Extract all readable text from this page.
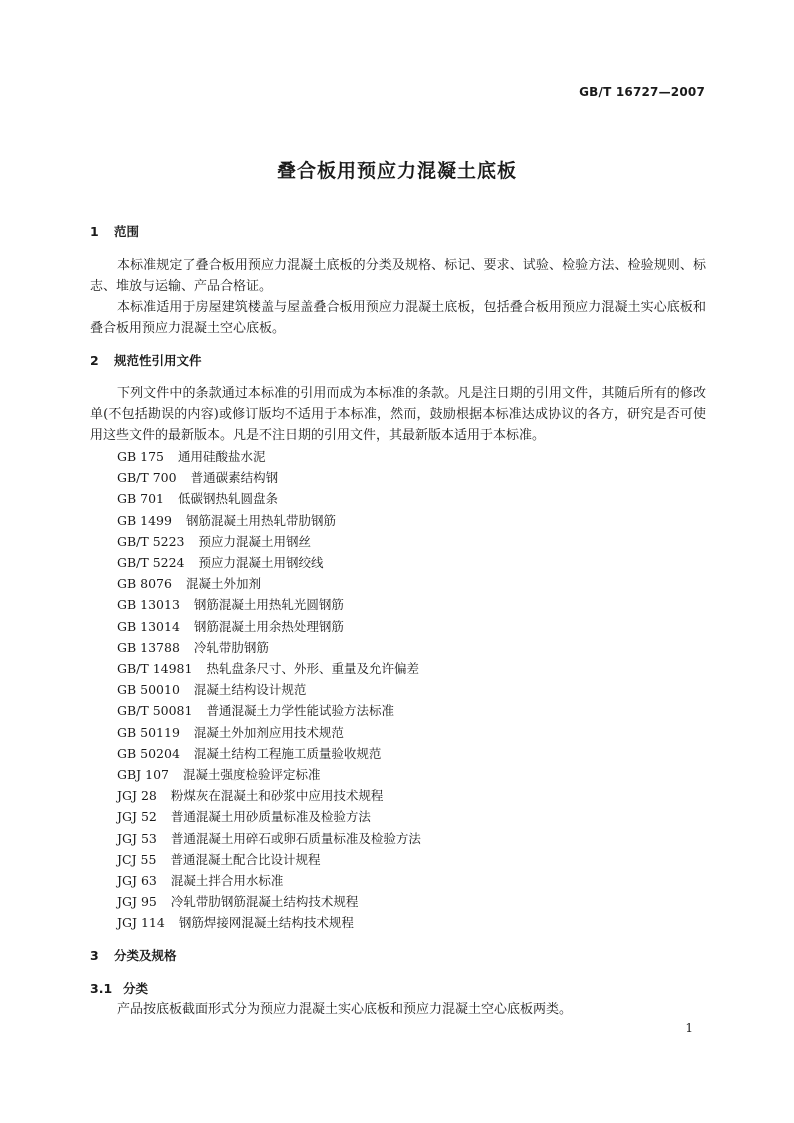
GB/T 16727—2007
叠合板用预应力混凝土底板
1 范围

本标准规定了叠合板用预应力混凝土底板的分类及规格、标记、要求、试验、检验方法、检验规则、标志、堆放与运输、产品合格证。

本标准适用于房屋建筑楼盖与屋盖叠合板用预应力混凝土底板，包括叠合板用预应力混凝土实心底板和叠合板用预应力混凝土空心底板。

2 规范性引用文件

下列文件中的条款通过本标准的引用而成为本标准的条款。凡是注日期的引用文件，其随后所有的修改单(不包括勘误的内容)或修订版均不适用于本标准，然而，鼓励根据本标准达成协议的各方，研究是否可使用这些文件的最新版本。凡是不注日期的引用文件，其最新版本适用于本标准。

GB 175 通用硅酸盐水泥
GB/T 700 普通碳素结构钢
GB 701 低碳钢热轧圆盘条
GB 1499 钢筋混凝土用热轧带肋钢筋
GB/T 5223 预应力混凝土用钢丝
GB/T 5224 预应力混凝土用钢绞线
GB 8076 混凝土外加剂
GB 13013 钢筋混凝土用热轧光圆钢筋
GB 13014 钢筋混凝土用余热处理钢筋
GB 13788 冷轧带肋钢筋
GB/T 14981 热轧盘条尺寸、外形、重量及允许偏差
GB 50010 混凝土结构设计规范
GB/T 50081 普通混凝土力学性能试验方法标准
GB 50119 混凝土外加剂应用技术规范
GB 50204 混凝土结构工程施工质量验收规范
GBJ 107 混凝土强度检验评定标准
JGJ 28 粉煤灰在混凝土和砂浆中应用技术规程
JGJ 52 普通混凝土用砂质量标准及检验方法
JGJ 53 普通混凝土用碎石或卵石质量标准及检验方法
JCJ 55 普通混凝土配合比设计规程
JGJ 63 混凝土拌合用水标准
JGJ 95 冷轧带肋钢筋混凝土结构技术规程
JGJ 114 钢筋焊接网混凝土结构技术规程
3 分类及规格
3.1 分类

产品按底板截面形式分为预应力混凝土实心底板和预应力混凝土空心底板两类。

1
